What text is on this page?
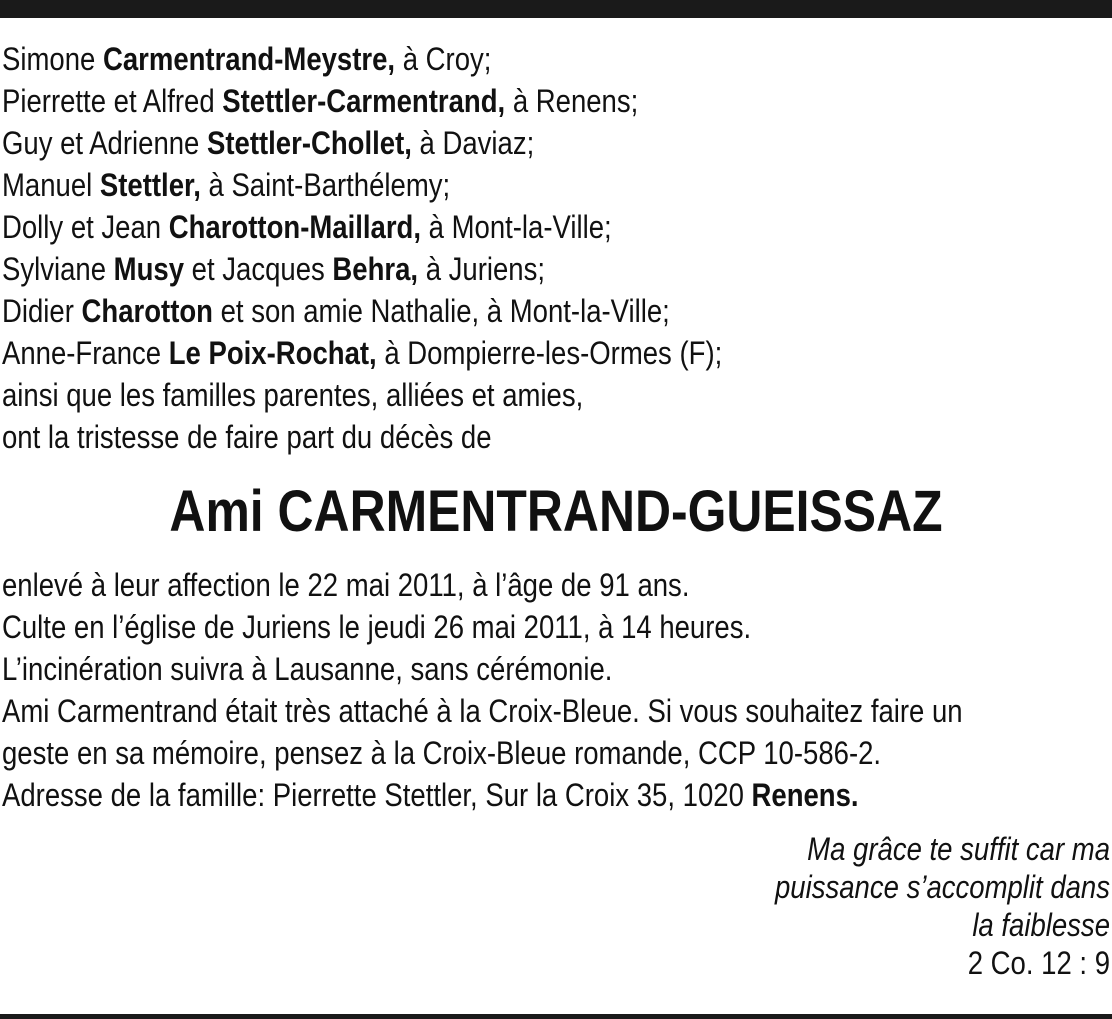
Simone Carmentrand-Meystre, à Croy;
Pierrette et Alfred Stettler-Carmentrand, à Renens;
Guy et Adrienne Stettler-Chollet, à Daviaz;
Manuel Stettler, à Saint-Barthélemy;
Dolly et Jean Charotton-Maillard, à Mont-la-Ville;
Sylviane Musy et Jacques Behra, à Juriens;
Didier Charotton et son amie Nathalie, à Mont-la-Ville;
Anne-France Le Poix-Rochat, à Dompierre-les-Ormes (F);
ainsi que les familles parentes, alliées et amies,
ont la tristesse de faire part du décès de
Ami CARMENTRAND-GUEISSAZ
enlevé à leur affection le 22 mai 2011, à l’âge de 91 ans.
Culte en l’église de Juriens le jeudi 26 mai 2011, à 14 heures.
L’incinération suivra à Lausanne, sans cérémonie.
Ami Carmentrand était très attaché à la Croix-Bleue. Si vous souhaitez faire un
geste en sa mémoire, pensez à la Croix-Bleue romande, CCP 10-586-2.
Adresse de la famille: Pierrette Stettler, Sur la Croix 35, 1020 Renens.
Ma grâce te suffit car ma
puissance s’accomplit dans
la faiblesse
2 Co. 12 : 9
